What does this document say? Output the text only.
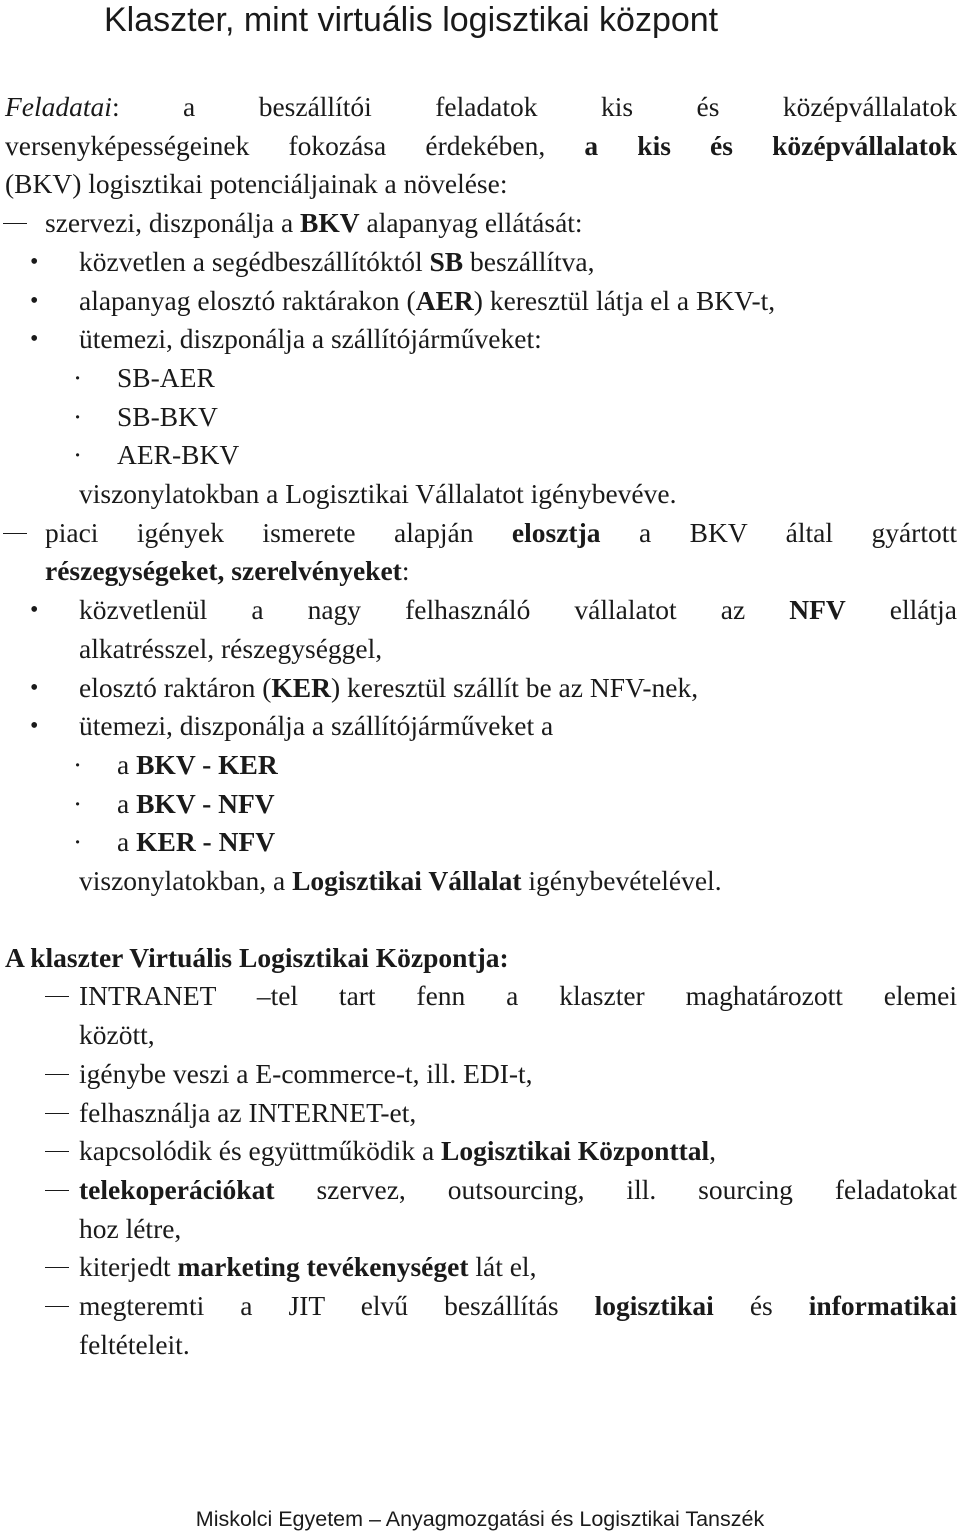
Klaszter, mint virtuális logisztikai központ
Feladatai: a beszállítói feladatok kis és középvállalatok
versenyképességeinek fokozása érdekében, a kis és középvállalatok
(BKV) logisztikai potenciáljainak a növelése:
szervezi, diszponálja a BKV alapanyag ellátását:
• közvetlen a segédbeszállítóktól SB beszállítva,
• alapanyag elosztó raktárakon (AER) keresztül látja el a BKV-t,
• ütemezi, diszponálja a szállítójárműveket:
· SB-AER
· SB-BKV
· AER-BKV
viszonylatokban a Logisztikai Vállalatot igénybevéve.
piaci igények ismerete alapján elosztja a BKV által gyártott
részegységeket, szerelvényeket:
• közvetlenül a nagy felhasználó vállalatot az NFV ellátja
alkatrésszel, részegységgel,
• elosztó raktáron (KER) keresztül szállít be az NFV-nek,
• ütemezi, diszponálja a szállítójárműveket a
· a BKV - KER
· a BKV - NFV
· a KER - NFV
viszonylatokban, a Logisztikai Vállalat igénybevételével.
A klaszter Virtuális Logisztikai Központja:
INTRANET –tel tart fenn a klaszter maghatározott elemei
között,
igénybe veszi a E-commerce-t, ill. EDI-t,
felhasználja az INTERNET-et,
kapcsolódik és együttműködik a Logisztikai Központtal,
telekoperációkat szervez, outsourcing, ill. sourcing feladatokat
hoz létre,
kiterjedt marketing tevékenységet lát el,
megteremti a JIT elvű beszállítás logisztikai és informatikai
feltételeit.
Miskolci Egyetem – Anyagmozgatási és Logisztikai Tanszék
